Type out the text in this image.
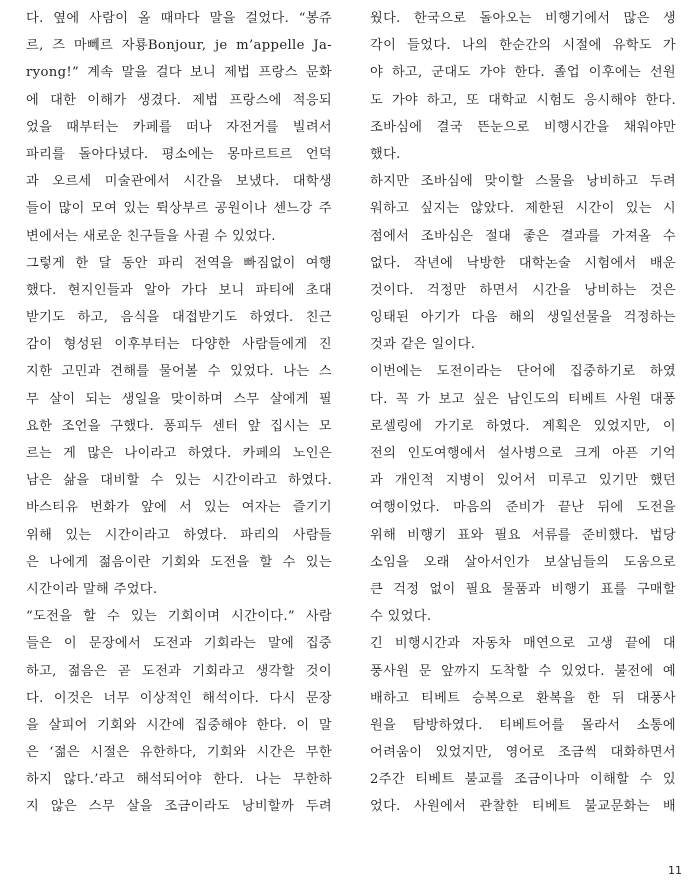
다. 옆에 사람이 올 때마다 말을 걸었다. “봉쥬
르, 즈 마뻬르 자룡Bonjour, je m’appelle Ja-
ryong!” 계속 말을 걸다 보니 제법 프랑스 문화
에 대한 이해가 생겼다. 제법 프랑스에 적응되
었을 때부터는 카페를 떠나 자전거를 빌려서
파리를 돌아다녔다. 평소에는 몽마르트르 언덕
과 오르세 미술관에서 시간을 보냈다. 대학생
들이 많이 모여 있는 뤽상부르 공원이나 센느강 주
변에서는 새로운 친구들을 사귈 수 있었다.
그렇게 한 달 동안 파리 전역을 빠짐없이 여행
했다. 현지인들과 알아 가다 보니 파티에 초대
받기도 하고, 음식을 대접받기도 하였다. 친근
감이 형성된 이후부터는 다양한 사람들에게 진
지한 고민과 견해를 물어볼 수 있었다. 나는 스
무 살이 되는 생일을 맞이하며 스무 살에게 필
요한 조언을 구했다. 퐁피두 센터 앞 집시는 모
르는 게 많은 나이라고 하였다. 카페의 노인은
남은 삶을 대비할 수 있는 시간이라고 하였다.
바스티유 번화가 앞에 서 있는 여자는 즐기기
위해 있는 시간이라고 하였다. 파리의 사람들
은 나에게 젊음이란 기회와 도전을 할 수 있는
시간이라 말해 주었다.
“도전을 할 수 있는 기회이며 시간이다.” 사람
들은 이 문장에서 도전과 기회라는 말에 집중
하고, 젊음은 곧 도전과 기회라고 생각할 것이
다. 이것은 너무 이상적인 해석이다. 다시 문장
을 살피어 기회와 시간에 집중해야 한다. 이 말
은 ‘젊은 시절은 유한하다, 기회와 시간은 무한
하지 않다.’라고 해석되어야 한다. 나는 무한하
지 않은 스무 살을 조금이라도 낭비할까 두려
웠다. 한국으로 돌아오는 비행기에서 많은 생
각이 들었다. 나의 한순간의 시절에 유학도 가
야 하고, 군대도 가야 한다. 졸업 이후에는 선원
도 가야 하고, 또 대학교 시험도 응시해야 한다.
조바심에 결국 뜬눈으로 비행시간을 채워야만
했다.
하지만 조바심에 맞이할 스물을 낭비하고 두려
워하고 싶지는 않았다. 제한된 시간이 있는 시
점에서 조바심은 절대 좋은 결과를 가져올 수
없다. 작년에 낙방한 대학논술 시험에서 배운
것이다. 걱정만 하면서 시간을 낭비하는 것은
잉태된 아기가 다음 해의 생일선물을 걱정하는
것과 같은 일이다.
이번에는 도전이라는 단어에 집중하기로 하였
다. 꼭 가 보고 싶은 남인도의 티베트 사원 대풍
로셀링에 가기로 하였다. 계획은 있었지만, 이
전의 인도여행에서 설사병으로 크게 아픈 기억
과 개인적 지병이 있어서 미루고 있기만 했던
여행이었다. 마음의 준비가 끝난 뒤에 도전을
위해 비행기 표와 필요 서류를 준비했다. 법당
소임을 오래 살아서인가 보살님들의 도움으로
큰 걱정 없이 필요 물품과 비행기 표를 구매할
수 있었다.
긴 비행시간과 자동차 매연으로 고생 끝에 대
풍사원 문 앞까지 도착할 수 있었다. 불전에 예
배하고 티베트 승복으로 환복을 한 뒤 대풍사
원을 탐방하였다. 티베트어를 몰라서 소통에
어려움이 있었지만, 영어로 조금씩 대화하면서
2주간 티베트 불교를 조금이나마 이해할 수 있
었다. 사원에서 관찰한 티베트 불교문화는 배
11
